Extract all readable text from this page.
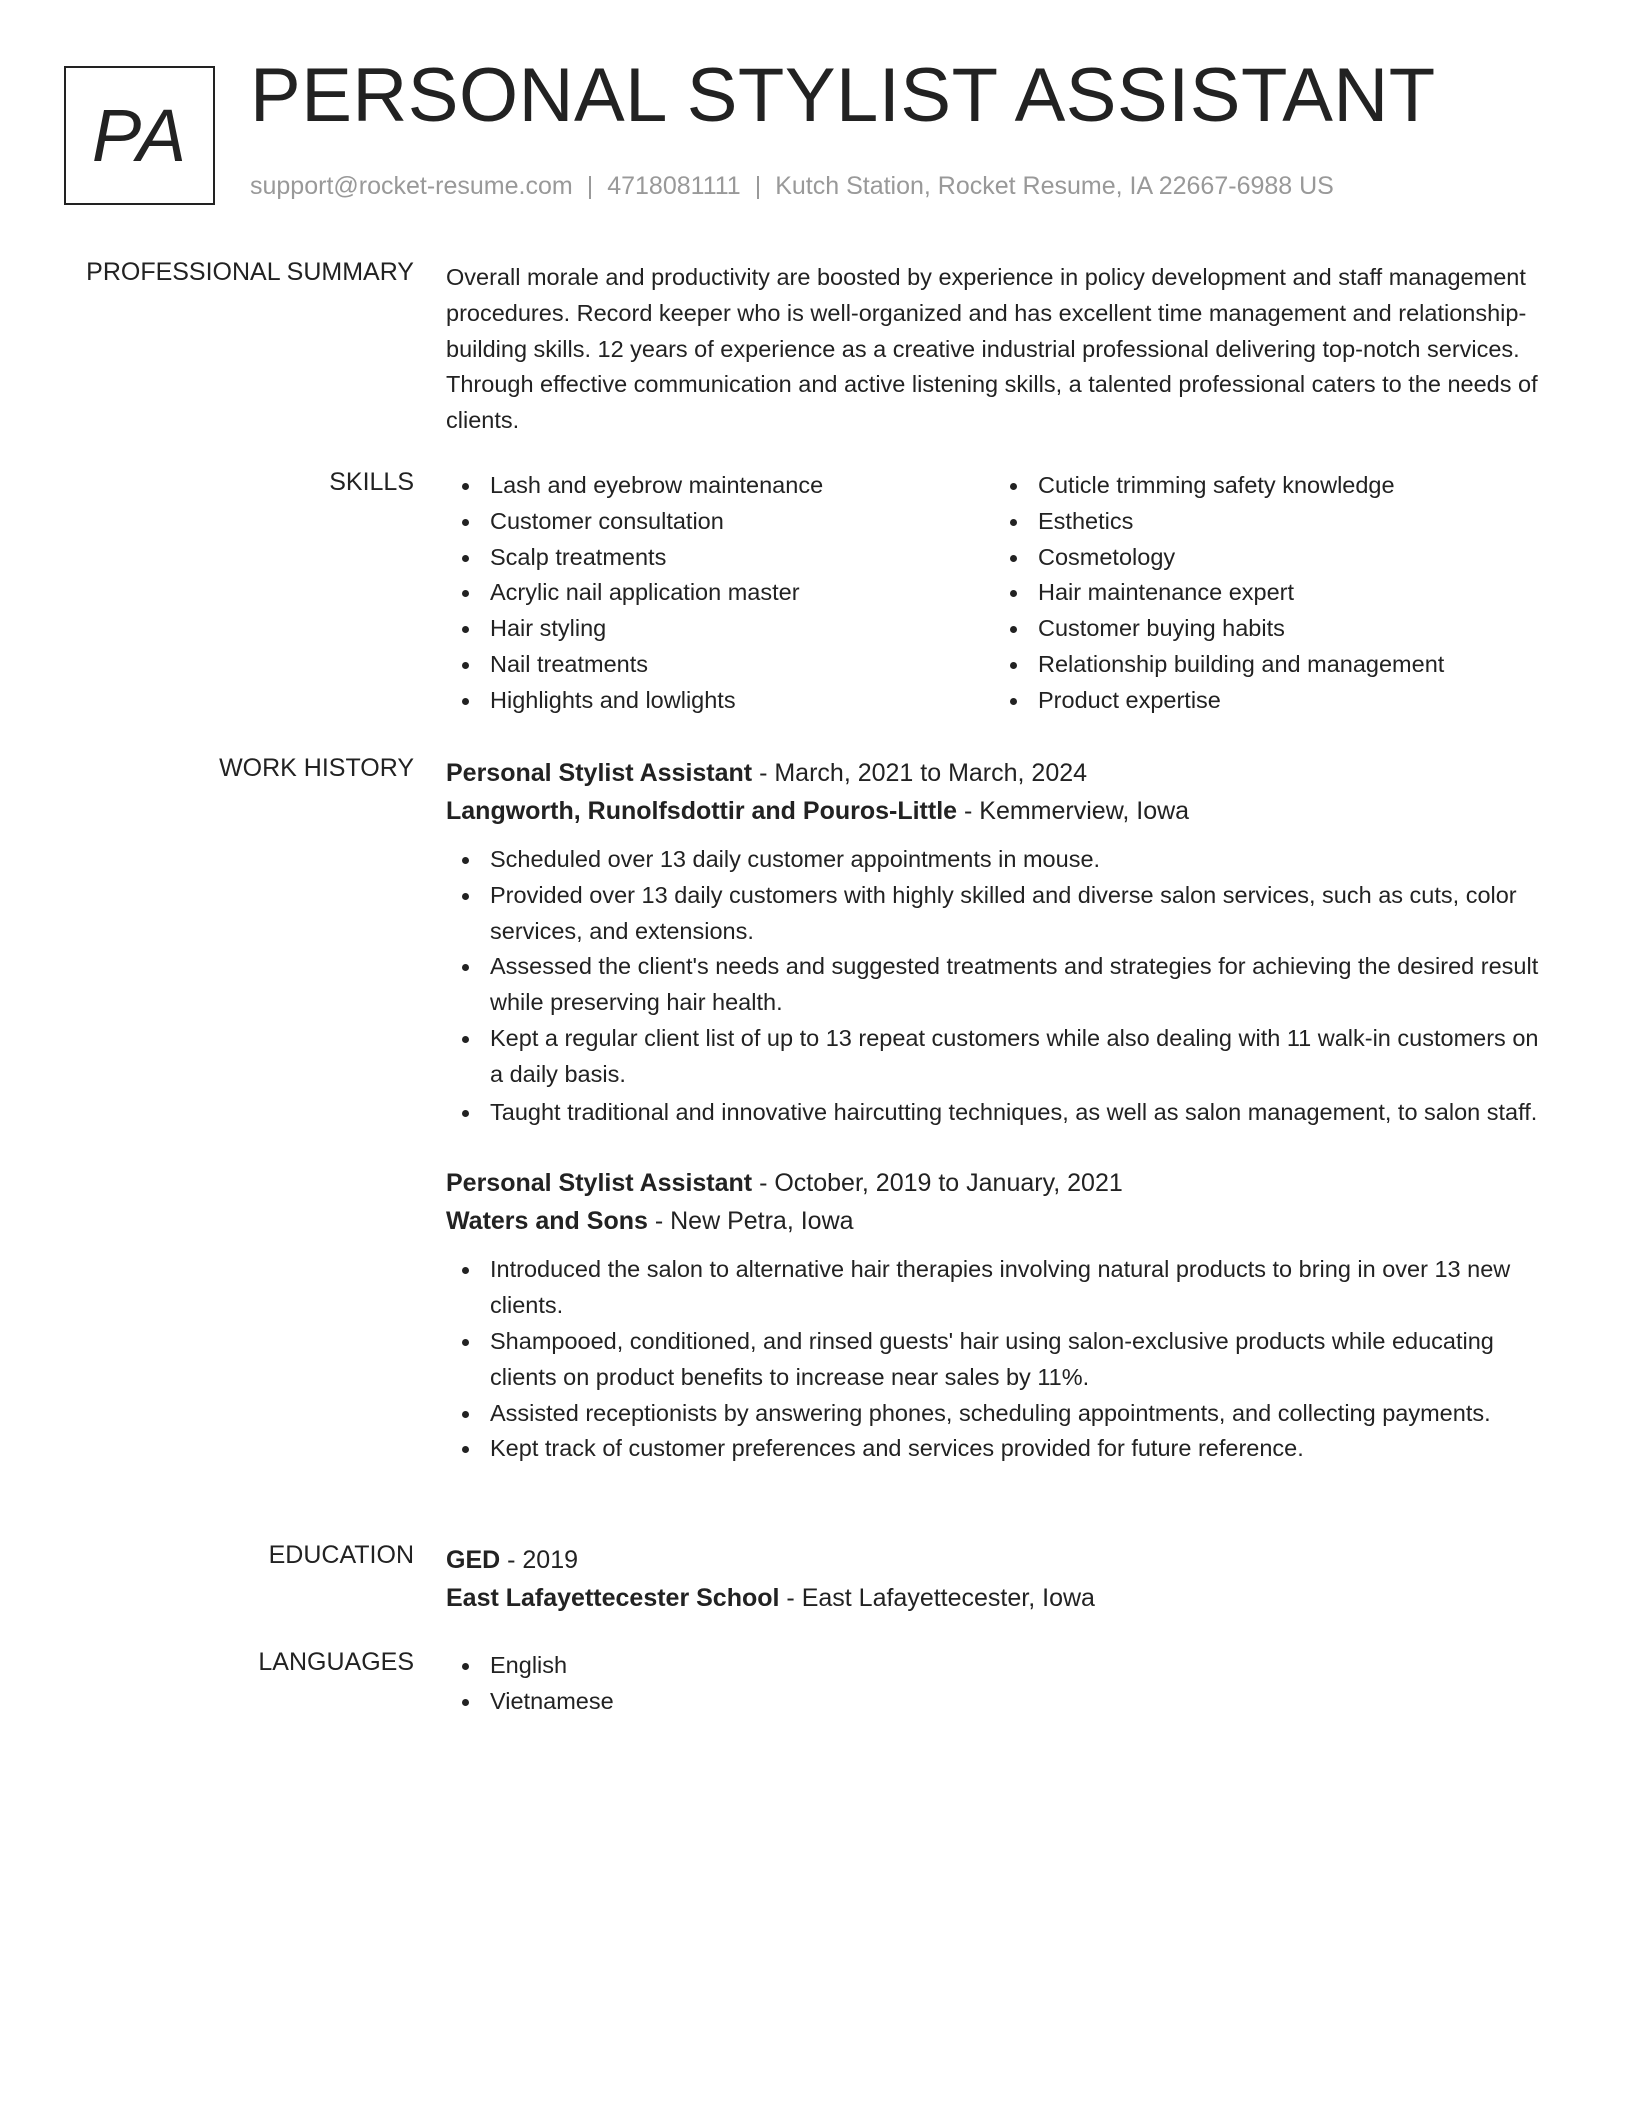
PA PERSONAL STYLIST ASSISTANT
support@rocket-resume.com | 4718081111 | Kutch Station, Rocket Resume, IA 22667-6988 US
PROFESSIONAL SUMMARY Overall morale and productivity are boosted by experience in policy development and staff management procedures. Record keeper who is well-organized and has excellent time management and relationship-building skills. 12 years of experience as a creative industrial professional delivering top-notch services. Through effective communication and active listening skills, a talented professional caters to the needs of clients.

SKILLS	Lash and eyebrow maintenance
Customer consultation
Scalp treatments
Acrylic nail application master
Hair styling
Nail treatments
Highlights and lowlights
Cuticle trimming safety knowledge
Esthetics
Cosmetology
Hair maintenance expert
Customer buying habits
Relationship building and management
Product expertise
WORK HISTORY Personal Stylist Assistant - March, 2021 to March, 2024
Langworth, Runolfsdottir and Pouros-Little - Kemmerview, Iowa
Scheduled over 13 daily customer appointments in mouse.
Provided over 13 daily customers with highly skilled and diverse salon services, such as cuts, color services, and extensions.
Assessed the client's needs and suggested treatments and strategies for achieving the desired result while preserving hair health.
Kept a regular client list of up to 13 repeat customers while also dealing with 11 walk-in customers on a daily basis.
Taught traditional and innovative haircutting techniques, as well as salon management, to salon staff.
Personal Stylist Assistant - October, 2019 to January, 2021
Waters and Sons - New Petra, Iowa
Introduced the salon to alternative hair therapies involving natural products to bring in over 13 new clients.
Shampooed, conditioned, and rinsed guests' hair using salon-exclusive products while educating clients on product benefits to increase near sales by 11%.
Assisted receptionists by answering phones, scheduling appointments, and collecting payments.
Kept track of customer preferences and services provided for future reference.
EDUCATION GED - 2019
East Lafayettecester School - East Lafayettecester, Iowa
LANGUAGES	English
Vietnamese
